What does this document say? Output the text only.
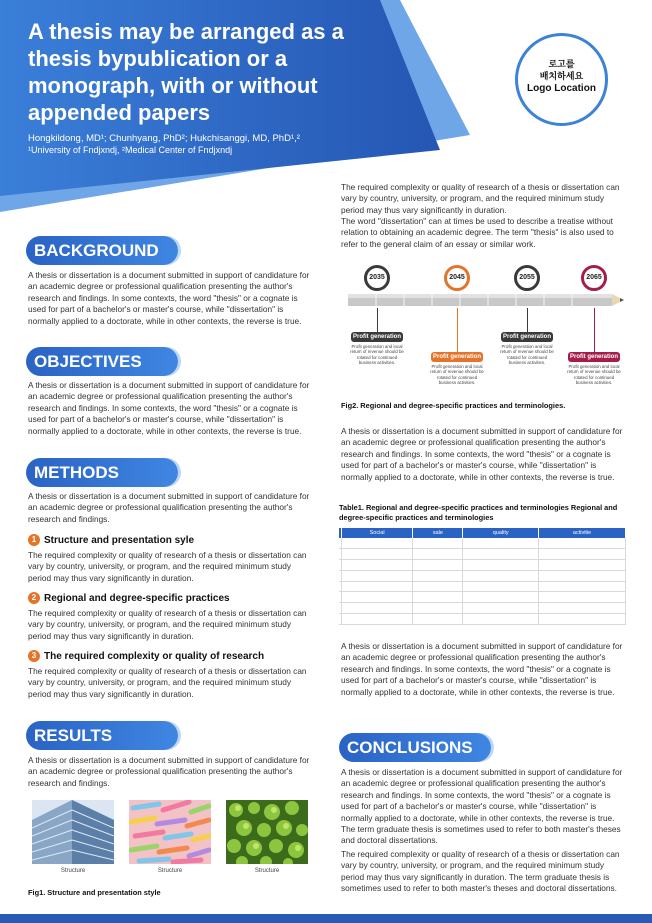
A thesis may be arranged as a thesis bypublication or a monograph, with or without appended papers
Hongkildong, MD¹; Chunhyang, PhD²; Hukchisanggi, MD, PhD¹,²
¹University of Fndjxndj, ²Medical Center of Fndjxndj
로고를
배치하세요
Logo Location
BACKGROUND
A thesis or dissertation is a document submitted in support of candidature for an academic degree or professional qualification presenting the author's research and findings. In some contexts, the word "thesis" or a cognate is used for part of a bachelor's or master's course, while "dissertation" is normally applied to a doctorate, while in other contexts, the reverse is true.
OBJECTIVES
A thesis or dissertation is a document submitted in support of candidature for an academic degree or professional qualification presenting the author's research and findings. In some contexts, the word "thesis" or a cognate is used for part of a bachelor's or master's course, while "dissertation" is normally applied to a doctorate, while in other contexts, the reverse is true.
METHODS
A thesis or dissertation is a document submitted in support of candidature for an academic degree or professional qualification presenting the author's research and findings.
1 Structure and presentation syle
The required complexity or quality of research of a thesis or dissertation can vary by country, university, or program, and the required minimum study period may thus vary significantly in duration.
2 Regional and degree-specific practices
The required complexity or quality of research of a thesis or dissertation can vary by country, university, or program, and the required minimum study period may thus vary significantly in duration.
3 The required complexity or quality of research
The required complexity or quality of research of a thesis or dissertation can vary by country, university, or program, and the required minimum study period may thus vary significantly in duration.
RESULTS
A thesis or dissertation is a document submitted in support of candidature for an academic degree or professional qualification presenting the author's research and findings.
Structure	Structure	Structure
Fig1. Structure and presentation style
The required complexity or quality of research of a thesis or dissertation can vary by country, university, or program, and the required minimum study period may thus vary significantly in duration.
The word "dissertation" can at times be used to describe a treatise without relation to obtaining an academic degree. The term "thesis" is also used to refer to the general claim of an essay or similar work.
2035
Profit generation
Profit generation and local return of revenue should be rotated for continued business activities.
2045
Profit generation
Profit generation and local return of revenue should be rotated for continued business activities.
2055
Profit generation
Profit generation and local return of revenue should be rotated for continued business activities.
2065
Profit generation
Profit generation and local return of revenue should be rotated for continued business activities.
Fig2. Regional and degree-specific practices and terminologies.
A thesis or dissertation is a document submitted in support of candidature for an academic degree or professional qualification presenting the author's research and findings. In some contexts, the word "thesis" or a cognate is used for part of a bachelor's or master's course, while "dissertation" is normally applied to a doctorate, while in other contexts, the reverse is true.
Table1. Regional and degree-specific practices and terminologies Regional and degree-specific practices and terminologies
	Social	sale	quality	activitie

A thesis or dissertation is a document submitted in support of candidature for an academic degree or professional qualification presenting the author's research and findings. In some contexts, the word "thesis" or a cognate is used for part of a bachelor's or master's course, while "dissertation" is normally applied to a doctorate, while in other contexts, the reverse is true.
CONCLUSIONS
A thesis or dissertation is a document submitted in support of candidature for an academic degree or professional qualification presenting the author's research and findings. In some contexts, the word "thesis" or a cognate is used for part of a bachelor's or master's course, while "dissertation" is normally applied to a doctorate, while in other contexts, the reverse is true. The term graduate thesis is sometimes used to refer to both master's theses and doctoral dissertations.
The required complexity or quality of research of a thesis or dissertation can vary by country, university, or program, and the required minimum study period may thus vary significantly in duration. The term graduate thesis is sometimes used to refer to both master's theses and doctoral dissertations.
